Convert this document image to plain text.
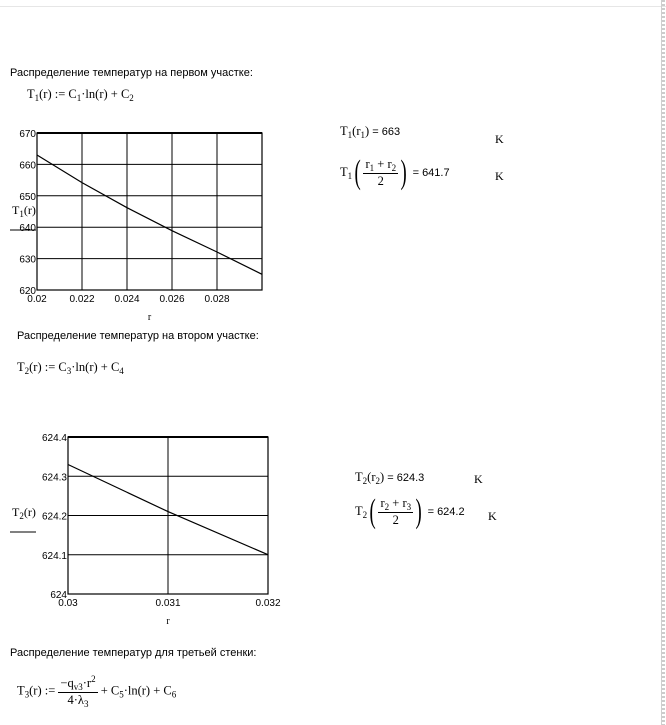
Распределение температур на первом участке:
$T_1(r)$ := $C_1\cdot\ln(r) + C_2$
620
630
640
650
660
670
0.02 0.022 0.024 0.026 0.028
r
$T_1(r)$
$T_1(r_1) = 663$	K
$T_1( \frac{r_1 + r_2}{2}$ ) = 641.7	K
Распределение температур на втором участке:
$T_2(r)$ := $C_3\cdot\ln(r) + C_4$
624
624.1
624.2
624.3
624.4
0.03	0.031	0.032
r
$T_2(r)$
$T_2(r_2) = 624.3$	K
$T_2( \frac{r_2 + r_3}{2}$ ) = 624.2 K
Распределение температур для третьей стенки:
$T_3(r)$ := $\frac{-q_{v3}\cdot r^2}{4\cdot\lambda_3} + C_5\cdot\ln(r) + C_6$
